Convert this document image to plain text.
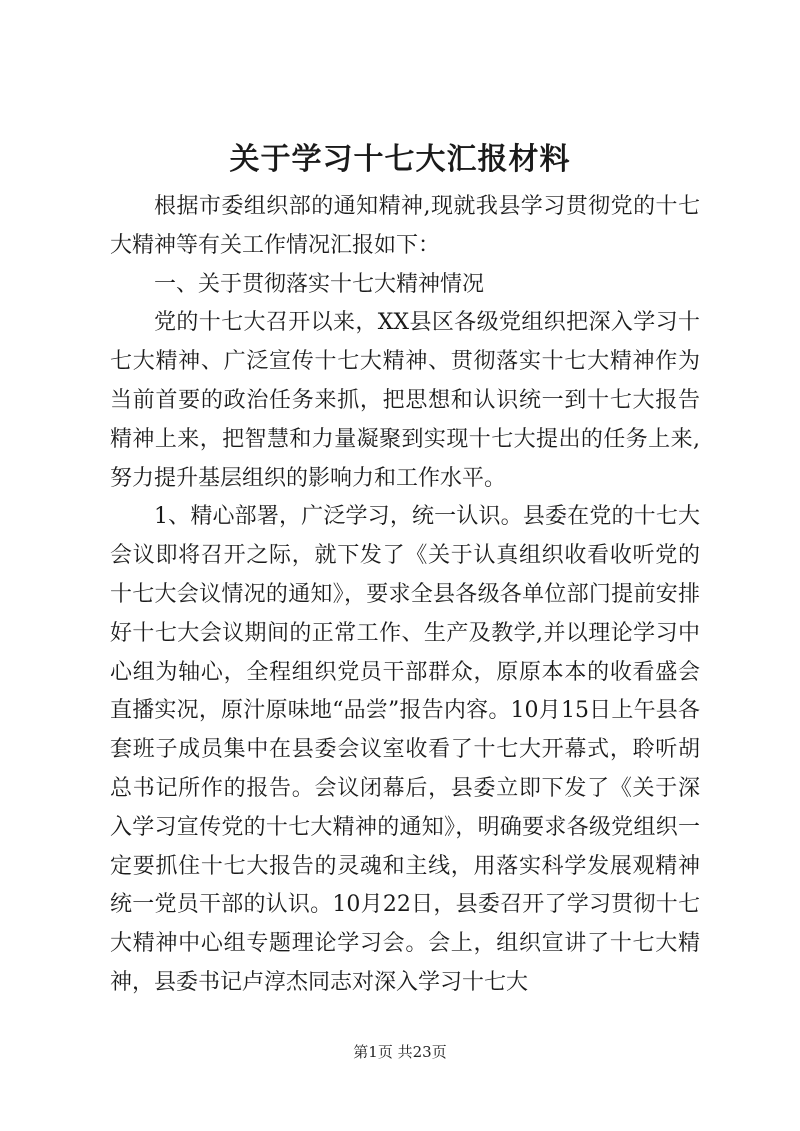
关于学习十七大汇报材料

根据市委组织部的通知精神,现就我县学习贯彻党的十七大精神等有关工作情况汇报如下：

一、关于贯彻落实十七大精神情况

党的十七大召开以来，XX县区各级党组织把深入学习十七大精神、广泛宣传十七大精神、贯彻落实十七大精神作为当前首要的政治任务来抓，把思想和认识统一到十七大报告精神上来，把智慧和力量凝聚到实现十七大提出的任务上来,努力提升基层组织的影响力和工作水平。

1、精心部署，广泛学习，统一认识。县委在党的十七大会议即将召开之际，就下发了《关于认真组织收看收听党的十七大会议情况的通知》，要求全县各级各单位部门提前安排好十七大会议期间的正常工作、生产及教学,并以理论学习中心组为轴心，全程组织党员干部群众，原原本本的收看盛会直播实况，原汁原味地“品尝”报告内容。10月15日上午县各套班子成员集中在县委会议室收看了十七大开幕式，聆听胡总书记所作的报告。会议闭幕后，县委立即下发了《关于深入学习宣传党的十七大精神的通知》，明确要求各级党组织一定要抓住十七大报告的灵魂和主线，用落实科学发展观精神统一党员干部的认识。10月22日，县委召开了学习贯彻十七大精神中心组专题理论学习会。会上，组织宣讲了十七大精神，县委书记卢淳杰同志对深入学习十七大

第1页 共23页
